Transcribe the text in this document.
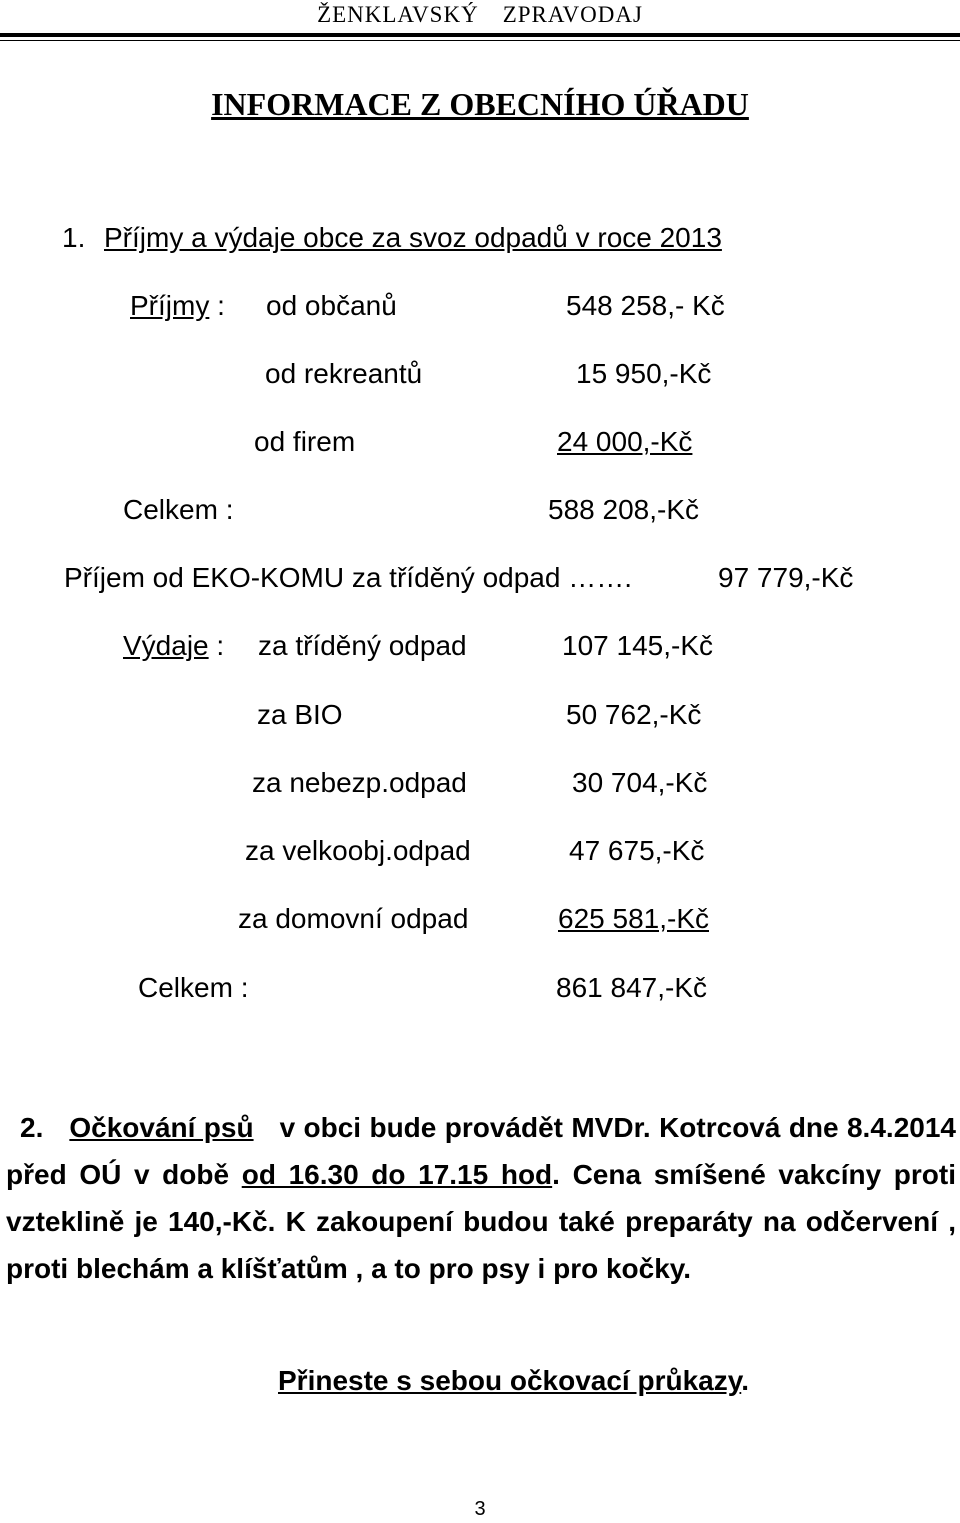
ŽENKLAVSKÝ ZPRAVODAJ
INFORMACE Z OBECNÍHO ÚŘADU
1. Příjmy a výdaje obce za svoz odpadů v roce 2013
Příjmy : od občanů	548 258,- Kč
od rekreantů	15 950,-Kč
od firem	24 000,-Kč
Celkem :	588 208,-Kč
Příjem od EKO-KOMU za tříděný odpad …….	97 779,-Kč
Výdaje : za tříděný odpad	107 145,-Kč
za BIO	50 762,-Kč
za nebezp.odpad	30 704,-Kč
za velkoobj.odpad	47 675,-Kč
za domovní odpad	625 581,-Kč
Celkem :	861 847,-Kč
2. Očkování psů v obci bude provádět MVDr. Kotrcová dne 8.4.2014 před OÚ v době od 16.30 do 17.15 hod. Cena smíšené vakcíny proti vzteklině je 140,-Kč. K zakoupení budou také preparáty na odčervení , proti blechám a klíšťatům , a to pro psy i pro kočky.
Přineste s sebou očkovací průkazy.
3
